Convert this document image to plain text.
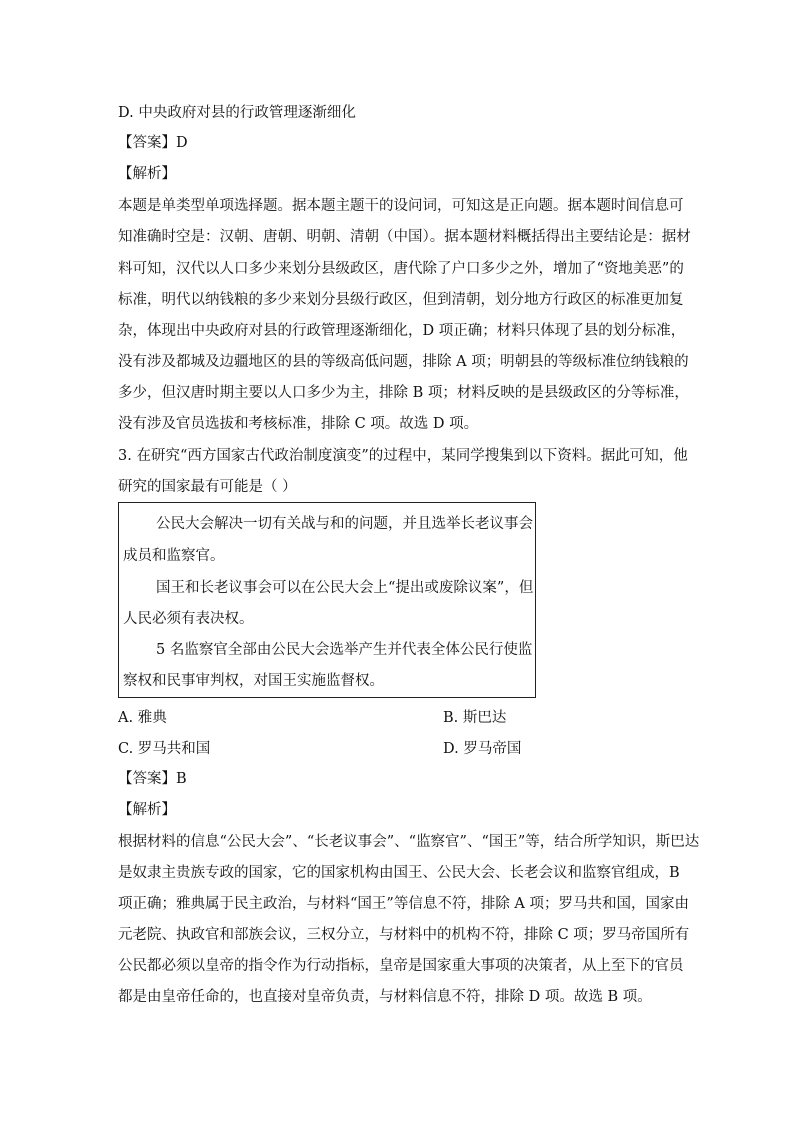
D. 中央政府对县的行政管理逐渐细化
【答案】D
【解析】
本题是单类型单项选择题。据本题主题干的设问词，可知这是正向题。据本题时间信息可
知准确时空是：汉朝、唐朝、明朝、清朝（中国）。据本题材料概括得出主要结论是：据材
料可知，汉代以人口多少来划分县级政区，唐代除了户口多少之外，增加了“资地美恶”的
标准，明代以纳钱粮的多少来划分县级行政区，但到清朝，划分地方行政区的标准更加复
杂，体现出中央政府对县的行政管理逐渐细化，D 项正确；材料只体现了县的划分标准，
没有涉及都城及边疆地区的县的等级高低问题，排除 A 项；明朝县的等级标准位纳钱粮的
多少，但汉唐时期主要以人口多少为主，排除 B 项；材料反映的是县级政区的分等标准，
没有涉及官员选拔和考核标准，排除 C 项。故选 D 项。
3. 在研究“西方国家古代政治制度演变”的过程中，某同学搜集到以下资料。据此可知，他
研究的国家最有可能是（ ）
公民大会解决一切有关战与和的问题，并且选举长老议事会
成员和监察官。
国王和长老议事会可以在公民大会上“提出或废除议案”，但
人民必须有表决权。
5 名监察官全部由公民大会选举产生并代表全体公民行使监
察权和民事审判权，对国王实施监督权。
A. 雅典	B. 斯巴达
C. 罗马共和国	D. 罗马帝国
【答案】B
【解析】
根据材料的信息“公民大会”、“长老议事会”、“监察官”、“国王”等，结合所学知识，斯巴达
是奴隶主贵族专政的国家，它的国家机构由国王、公民大会、长老会议和监察官组成，B
项正确；雅典属于民主政治，与材料“国王”等信息不符，排除 A 项；罗马共和国，国家由
元老院、执政官和部族会议，三权分立，与材料中的机构不符，排除 C 项；罗马帝国所有
公民都必须以皇帝的指令作为行动指标，皇帝是国家重大事项的决策者，从上至下的官员
都是由皇帝任命的，也直接对皇帝负责，与材料信息不符，排除 D 项。故选 B 项。
